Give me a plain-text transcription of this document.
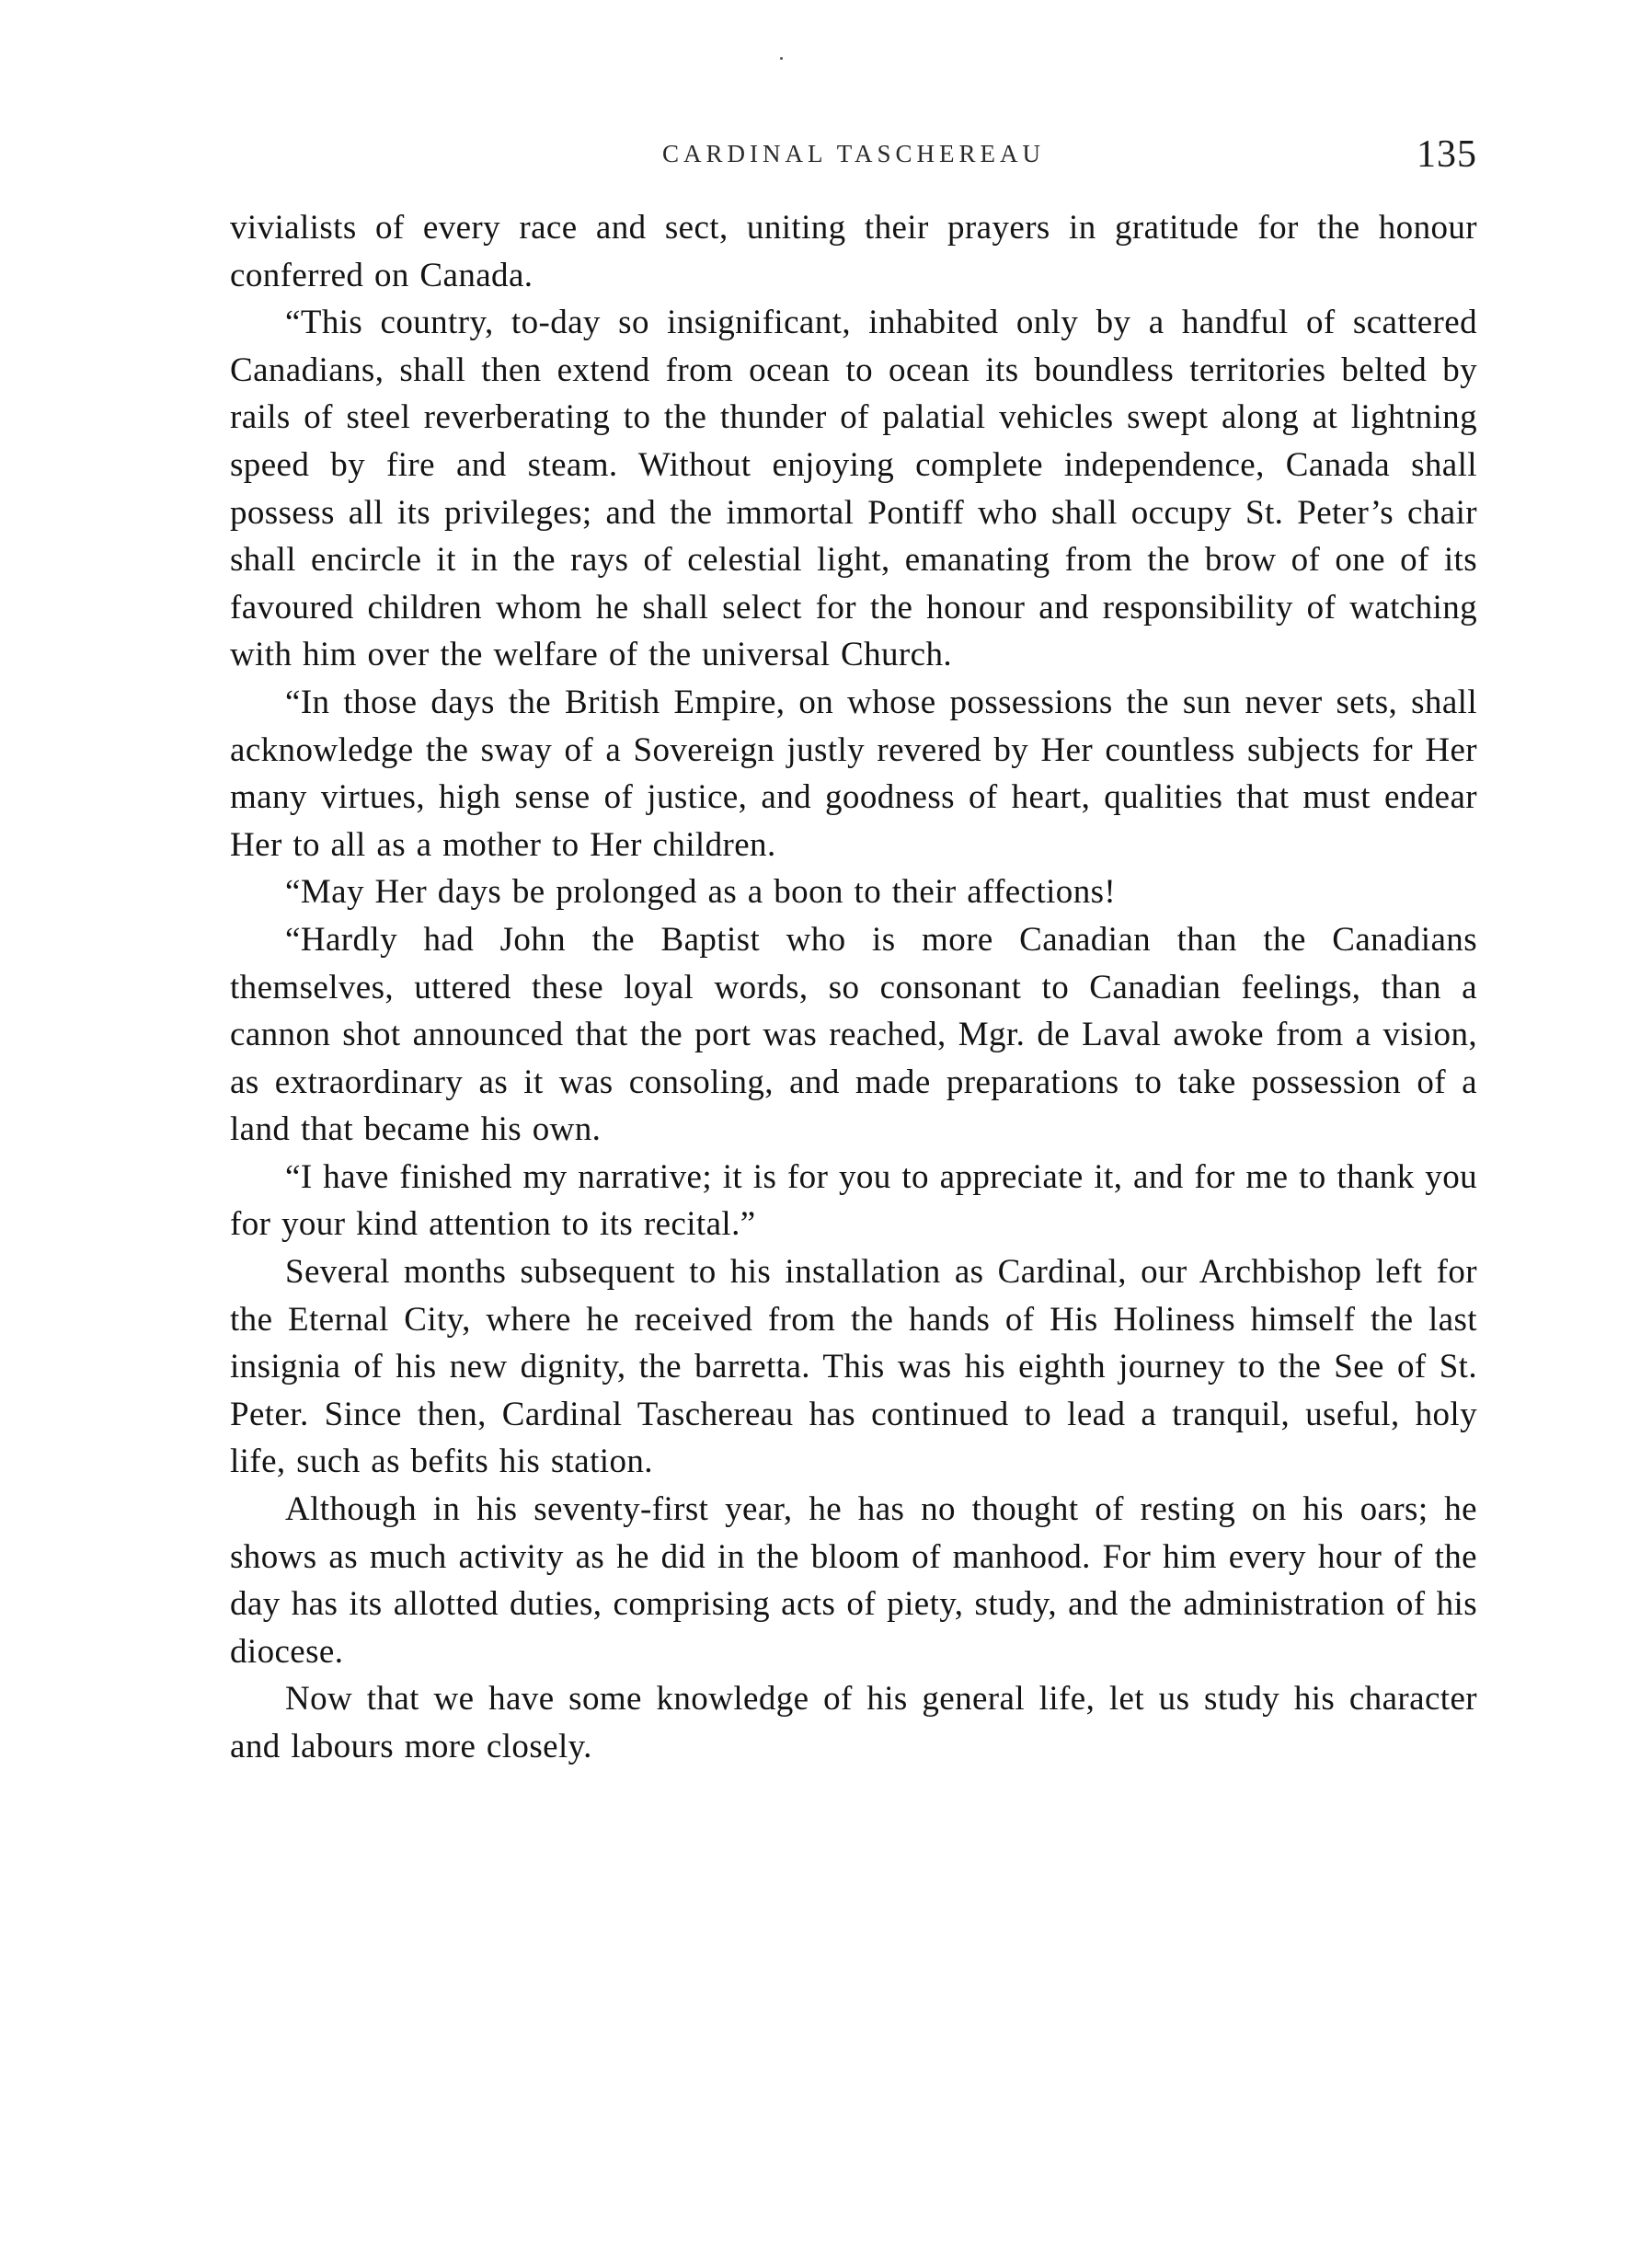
CARDINAL TASCHEREAU	135

vivialists of every race and sect, uniting their prayers in gratitude for the honour conferred on Canada.

“This country, to-day so insignificant, inhabited only by a handful of scattered Canadians, shall then extend from ocean to ocean its boundless territories belted by rails of steel reverberating to the thunder of palatial vehicles swept along at lightning speed by fire and steam. Without enjoying complete independence, Canada shall possess all its privileges; and the immortal Pontiff who shall occupy St. Peter’s chair shall encircle it in the rays of celestial light, emanating from the brow of one of its favoured children whom he shall select for the honour and responsibility of watching with him over the welfare of the universal Church.

“In those days the British Empire, on whose possessions the sun never sets, shall acknowledge the sway of a Sovereign justly revered by Her countless subjects for Her many virtues, high sense of justice, and goodness of heart, qualities that must endear Her to all as a mother to Her children.

“May Her days be prolonged as a boon to their affections!

“Hardly had John the Baptist who is more Canadian than the Canadians themselves, uttered these loyal words, so consonant to Canadian feelings, than a cannon shot announced that the port was reached, Mgr. de Laval awoke from a vision, as extraordinary as it was consoling, and made preparations to take possession of a land that became his own.

“I have finished my narrative; it is for you to appreciate it, and for me to thank you for your kind attention to its recital.”

Several months subsequent to his installation as Cardinal, our Archbishop left for the Eternal City, where he received from the hands of His Holiness himself the last insignia of his new dignity, the barretta. This was his eighth journey to the See of St. Peter. Since then, Cardinal Taschereau has continued to lead a tranquil, useful, holy life, such as befits his station.

Although in his seventy-first year, he has no thought of resting on his oars; he shows as much activity as he did in the bloom of manhood. For him every hour of the day has its allotted duties, comprising acts of piety, study, and the administration of his diocese.

Now that we have some knowledge of his general life, let us study his character and labours more closely.
